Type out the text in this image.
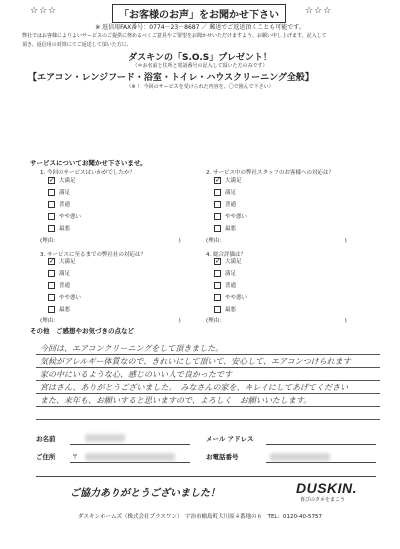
☆☆☆	「お客様のお声」をお聞かせ下さい	☆☆☆
※ 返信用FAX番号：0774－23－8687 ／ 郵送でご返送頂くことも可能です。
弊社ではお客様によりよいサービスのご提供に努めるべくご意見やご要望をお聞かせいただけますよう、お願い申し上げます。記入して
頂き、返信用の封筒にてご返送して頂いた方に、
ダスキンの「S.O.S」プレゼント！
（＊お名前と住所と電話番号の記入して頂いた方のみです）
【エアコン・レンジフード・浴室・トイレ・ハウスクリーニング全般】
（※ ！ 今回のサービスを受けられた内容を、〇で囲んで下さい）
サービスについてお聞かせ下さいませ。
1. 今回のサービスはいかがでしたか？
✓大満足
満足
普通
やや悪い
最悪
(理由：	)
2. サービス中の弊社スタッフのお客様への対応は？
✓大満足
満足
普通
やや悪い
最悪
(理由：	)
3. サービスに至るまでの弊社社の対応は？
✓大満足
満足
普通
やや悪い
最悪
(理由：	)
4. 総合評価は？
✓大満足
満足
普通
やや悪い
最悪
(理由：	)
その他　ご感想やお気づきの点など
今回は、エアコンクリーニングをして頂きました。
気候がアレルギー体質なので、きれいにして頂いて、安心して、エアコンつけられます
家の中にいるような心、感じのいい人で良かったです
宮はさん、ありがとうございました。　みなさんの家を、キレイにしてあげてください
また、来年も、お願いすると思いますので、よろしく　お願いいたします。
お名前	メール アドレス
ご住所	〒	お電話番号
ご協力ありがとうございました！	DUSKIN.
喜びのタネをまこう
ダスキンホームズ（株式会社プラスワン）　宇治市槇島町大川原４番地の６　TEL：0120-40-5757
